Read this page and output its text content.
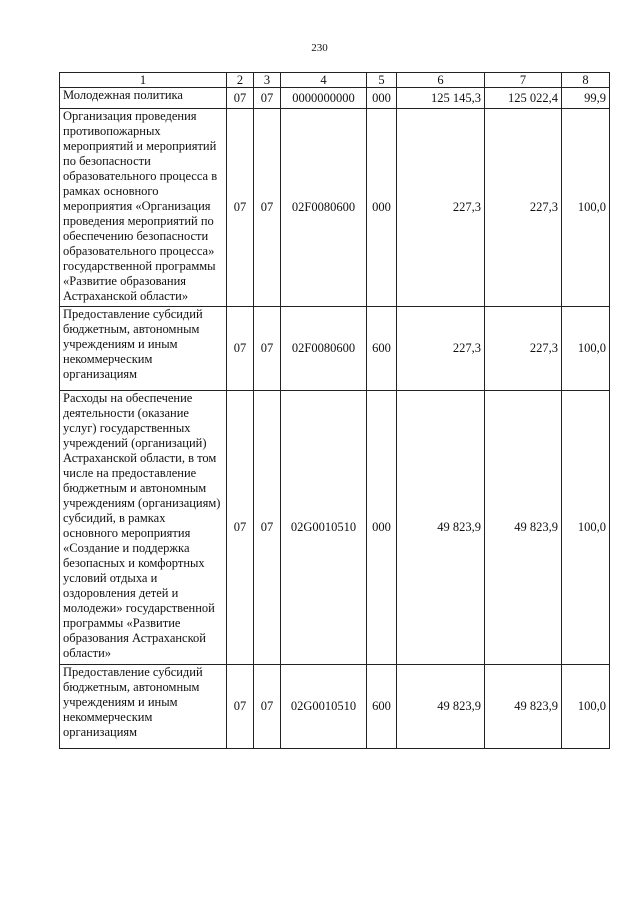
230
1	2	3	4	5	6	7	8
Молодежная политика	07	07	0000000000	000	125 145,3	125 022,4	99,9
Организация проведения противопожарных мероприятий и мероприятий по безопасности образовательного процесса в рамках основного мероприятия «Организация проведения мероприятий по обеспечению безопасности образовательного процесса» государственной программы «Развитие образования Астраханской области»	07	07	02F0080600	000	227,3	227,3	100,0
Предоставление субсидий бюджетным, автономным учреждениям и иным некоммерческим организациям	07	07	02F0080600	600	227,3	227,3	100,0
Расходы на обеспечение деятельности (оказание услуг) государственных учреждений (организаций) Астраханской области, в том числе на предоставление бюджетным и автономным учреждениям (организациям) субсидий, в рамках основного мероприятия «Создание и поддержка безопасных и комфортных условий отдыха и оздоровления детей и молодежи» государственной программы «Развитие образования Астраханской области»	07	07	02G0010510	000	49 823,9	49 823,9	100,0
Предоставление субсидий бюджетным, автономным учреждениям и иным некоммерческим организациям	07	07	02G0010510	600	49 823,9	49 823,9	100,0
